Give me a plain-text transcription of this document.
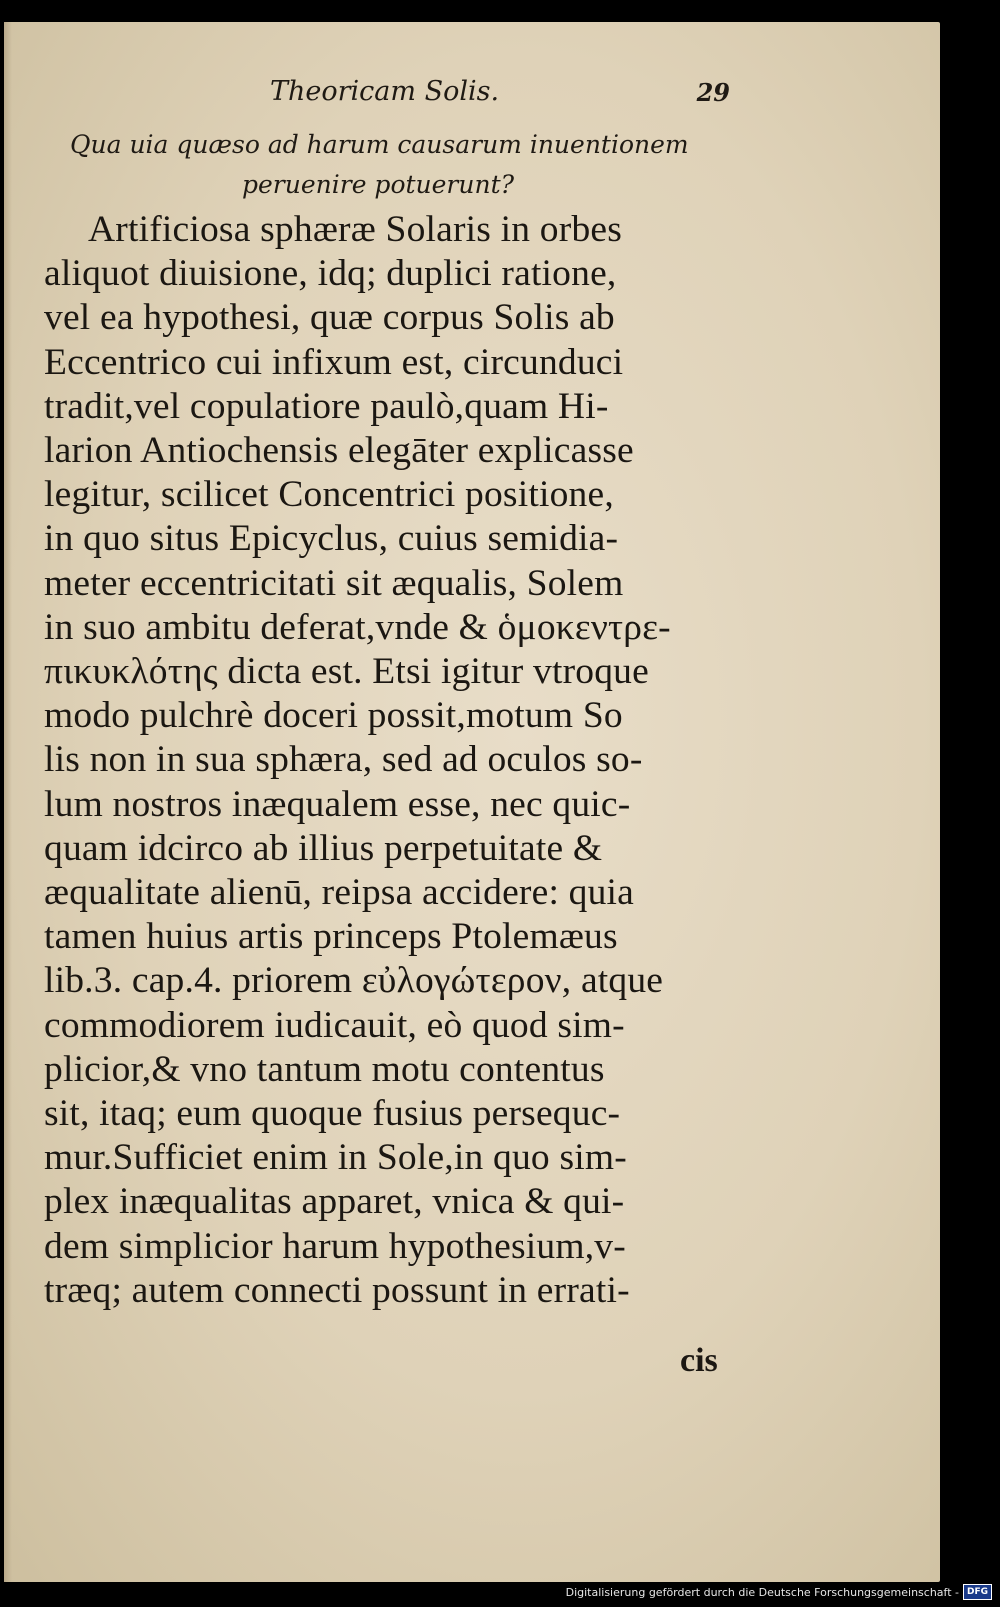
Theoricam Solis.	29
Qua uia quæso ad harum causarum inuentionem
peruenire potuerunt?
Artificiosa sphæræ Solaris in orbes
aliquot diuisione, idq; duplici ratione,
vel ea hypothesi, quæ corpus Solis ab
Eccentrico cui infixum est, circunduci
tradit,vel copulatiore paulò,quam Hi-
larion Antiochensis elegāter explicasse
legitur, scilicet Concentrici positione,
in quo situs Epicyclus, cuius semidia-
meter eccentricitati sit æqualis, Solem
in suo ambitu deferat,vnde & ὁμοκεντρε-
πικυκλότης dicta est. Etsi igitur vtroque
modo pulchrè doceri possit,motum So
lis non in sua sphæra, sed ad oculos so-
lum nostros inæqualem esse, nec quic-
quam idcirco ab illius perpetuitate &
æqualitate alienū, reipsa accidere: quia
tamen huius artis princeps Ptolemæus
lib.3. cap.4. priorem εὐλογώτερον, atque
commodiorem iudicauit, eò quod sim-
plicior,& vno tantum motu contentus
sit, itaq; eum quoque fusius persequc-
mur.Sufficiet enim in Sole,in quo sim-
plex inæqualitas apparet, vnica & qui-
dem simplicior harum hypothesium,v-
træq; autem connecti possunt in errati-
cis
Digitalisierung gefördert durch die Deutsche Forschungsgemeinschaft - DFG
